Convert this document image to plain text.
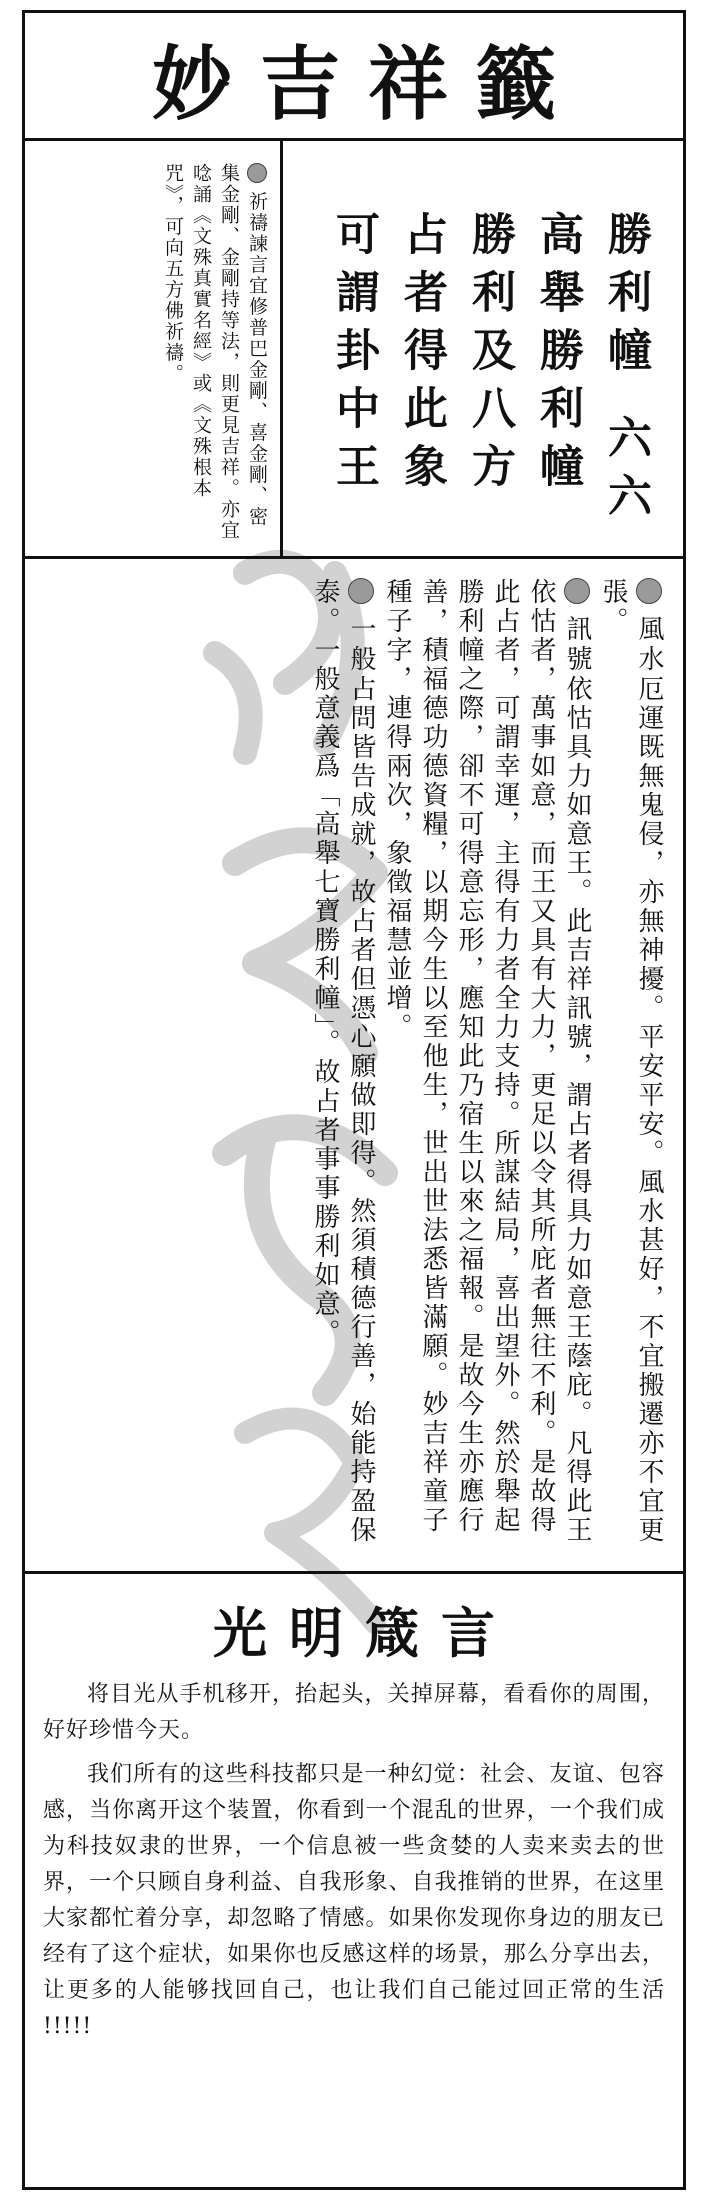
妙吉祥籤
祈禱諫言宜修普巴金剛、喜金剛、密集金剛、金剛持等法，則更見吉祥。亦宜唸誦《文殊真實名經》或《文殊根本咒》，可向五方佛祈禱。	勝利幢 六六
高舉勝利幢
勝利及八方
占者得此象
可謂卦中王
風水厄運既無鬼侵，亦無神擾。平安平安。風水甚好，不宜搬遷亦不宜更張。
訊號依怙具力如意王。此吉祥訊號，謂占者得具力如意王蔭庇。凡得此王依怙者，萬事如意，而王又具有大力，更足以令其所庇者無往不利。是故得此占者，可謂幸運，主得有力者全力支持。所謀結局，喜出望外。然於舉起勝利幢之際，卻不可得意忘形，應知此乃宿生以來之福報。是故今生亦應行善，積福德功德資糧，以期今生以至他生，世出世法悉皆滿願。妙吉祥童子種子字，連得兩次，象徵福慧並增。
一般占問皆告成就，故占者但憑心願做即得。然須積德行善，始能持盈保泰。一般意義爲「高舉七寶勝利幢」。故占者事事勝利如意。
光明箴言

将目光从手机移开，抬起头，关掉屏幕，看看你的周围，好好珍惜今天。

我们所有的这些科技都只是一种幻觉：社会、友谊、包容感，当你离开这个装置，你看到一个混乱的世界，一个我们成为科技奴隶的世界，一个信息被一些贪婪的人卖来卖去的世界，一个只顾自身利益、自我形象、自我推销的世界，在这里大家都忙着分享，却忽略了情感。如果你发现你身边的朋友已经有了这个症状，如果你也反感这样的场景，那么分享出去，让更多的人能够找回自己，也让我们自己能过回正常的生活 !!!!!
